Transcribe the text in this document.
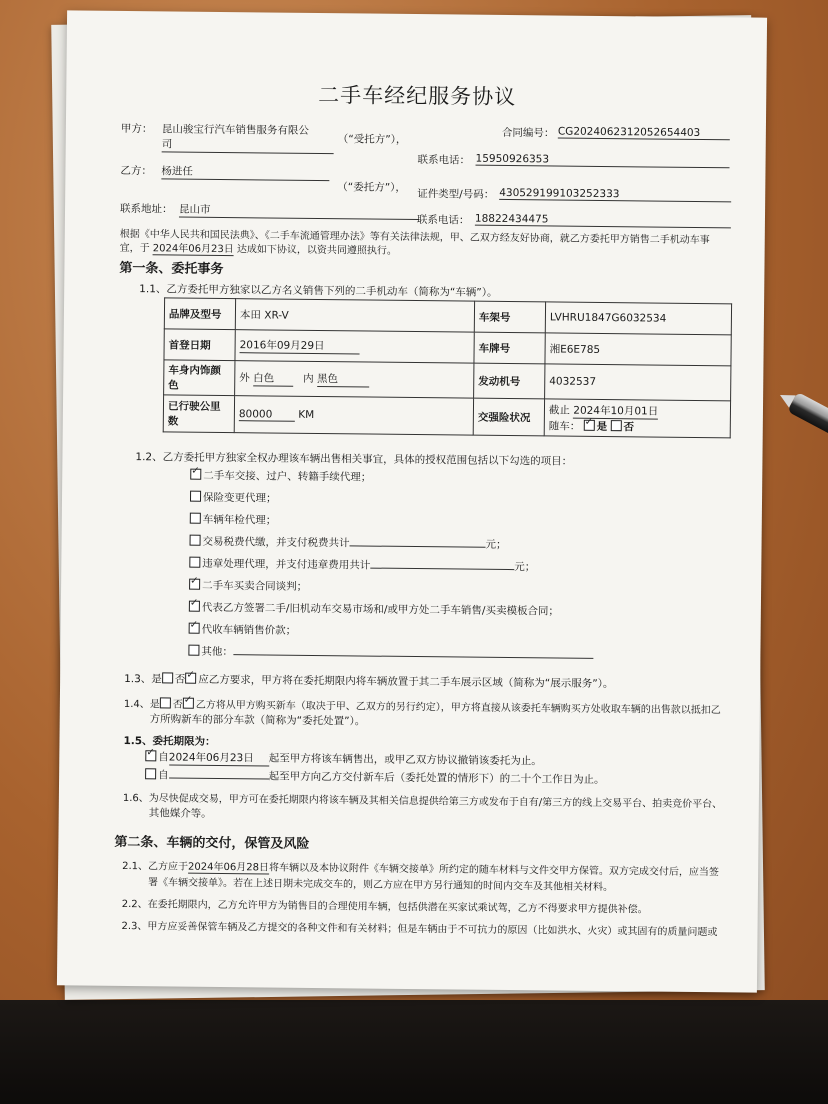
二手车经纪服务协议
甲方： 昆山骏宝行汽车销售服务有限公
司	（“受托方”），
合同编号： CG2024062312052654403
联系电话： 15950926353
乙方： 杨进任
（“委托方”），
证件类型/号码： 430529199103252333
联系地址： 昆山市
联系电话： 18822434475
根据《中华人民共和国民法典》、《二手车流通管理办法》等有关法律法规，甲、乙双方经友好协商，就乙方委托甲方销售二手机动车事
宜，于 2024年06月23日 达成如下协议，以资共同遵照执行。
第一条、委托事务
1.1、乙方委托甲方独家以乙方名义销售下列的二手机动车（简称为“车辆”）。
品牌及型号	本田 XR-V	车架号	LVHRU1847G6032534
首登日期	2016年09月29日	车牌号	湘E6E785
车身内饰颜
色	外 白色 内 黑色	发动机号	4032537
已行驶公里
数	80000 KM	交强险状况	截止 2024年10月01日
随车： ✓ 是 否
1.2、乙方委托甲方独家全权办理该车辆出售相关事宜，具体的授权范围包括以下勾选的项目：
✓二手车交接、过户、转籍手续代理；
保险变更代理；
车辆年检代理；
交易税费代缴，并支付税费共计	元；
违章处理代理，并支付违章费用共计	元；
✓二手车买卖合同谈判；
✓代表乙方签署二手/旧机动车交易市场和/或甲方处二手车销售/买卖模板合同；
✓代收车辆销售价款；
其他：
1.3、是 否 ✓ 应乙方要求，甲方将在委托期限内将车辆放置于其二手车展示区域（简称为“展示服务”）。
1.4、是 否 ✓ 乙方将从甲方购买新车（取决于甲、乙双方的另行约定），甲方将直接从该委托车辆购买方处收取车辆的出售款以抵扣乙
方所购新车的部分车款（简称为“委托处置”）。
1.5、委托期限为：
✓自2024年06月23日 起至甲方将该车辆售出，或甲乙双方协议撤销该委托为止。
自	起至甲方向乙方交付新车后（委托处置的情形下）的二十个工作日为止。
1.6、为尽快促成交易，甲方可在委托期限内将该车辆及其相关信息提供给第三方或发布于自有/第三方的线上交易平台、拍卖竞价平台、
其他媒介等。
第二条、车辆的交付，保管及风险
2.1、乙方应于2024年06月28日将车辆以及本协议附件《车辆交接单》所约定的随车材料与文件交甲方保管。双方完成交付后，应当签
署《车辆交接单》。若在上述日期未完成交车的，则乙方应在甲方另行通知的时间内交车及其他相关材料。
2.2、在委托期限内，乙方允许甲方为销售目的合理使用车辆，包括供潜在买家试乘试驾，乙方不得要求甲方提供补偿。
2.3、甲方应妥善保管车辆及乙方提交的各种文件和有关材料；但是车辆由于不可抗力的原因（比如洪水、火灾）或其固有的质量问题或
